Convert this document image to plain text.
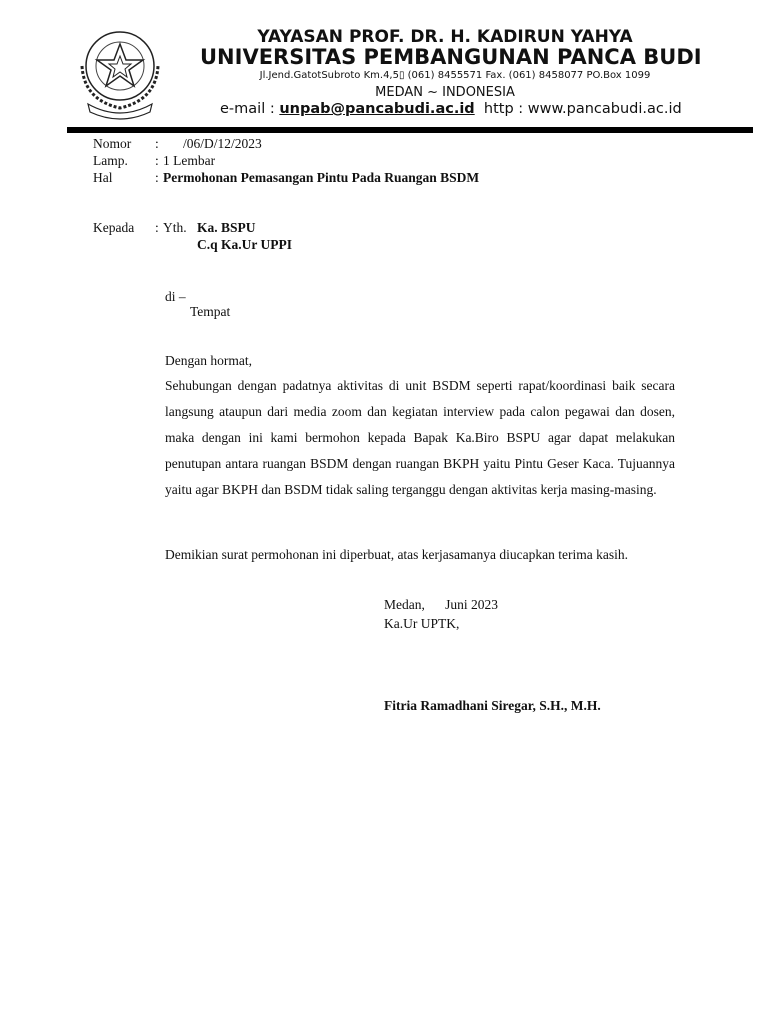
YAYASAN PROF. DR. H. KADIRUN YAHYA
UNIVERSITAS PEMBANGUNAN PANCA BUDI
Jl.Jend.GatotSubroto Km.4,5▯ (061) 8455571 Fax. (061) 8458077 PO.Box 1099
MEDAN ~ INDONESIA
e-mail : unpab@pancabudi.ac.id http : www.pancabudi.ac.id
Nomor : /06/D/12/2023
Lamp. : 1 Lembar
Hal	: Permohonan Pemasangan Pintu Pada Ruangan BSDM
Kepada : Yth. Ka. BSPU
C.q Ka.Ur UPPI
di –
Tempat
Dengan hormat,
Sehubungan dengan padatnya aktivitas di unit BSDM seperti rapat/koordinasi baik secara langsung ataupun dari media zoom dan kegiatan interview pada calon pegawai dan dosen, maka dengan ini kami bermohon kepada Bapak Ka.Biro BSPU agar dapat melakukan penutupan antara ruangan BSDM dengan ruangan BKPH yaitu Pintu Geser Kaca. Tujuannya yaitu agar BKPH dan BSDM tidak saling terganggu dengan aktivitas kerja masing-masing.
Demikian surat permohonan ini diperbuat, atas kerjasamanya diucapkan terima kasih.
Medan,      Juni 2023
Ka.Ur UPTK,
Fitria Ramadhani Siregar, S.H., M.H.
